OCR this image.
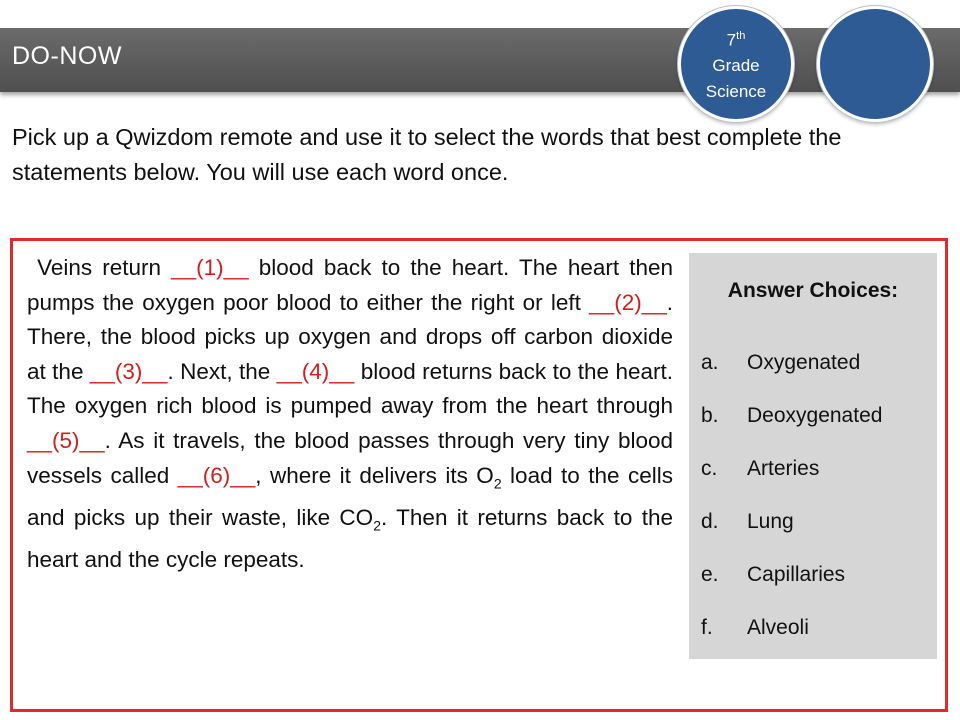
DO-NOW
7th
Grade
Science
Pick up a Qwizdom remote and use it to select the words that best complete the statements below. You will use each word once.
Veins return __(1)__ blood back to the heart. The heart then pumps the oxygen poor blood to either the right or left __(2)__. There, the blood picks up oxygen and drops off carbon dioxide at the __(3)__. Next, the __(4)__ blood returns back to the heart. The oxygen rich blood is pumped away from the heart through __(5)__. As it travels, the blood passes through very tiny blood vessels called __(6)__, where it delivers its $O_2$ load to the cells and picks up their waste, like $CO_2$. Then it returns back to the heart and the cycle repeats.
Answer Choices:
a.	Oxygenated
b.	Deoxygenated
c.	Arteries
d.	Lung
e.	Capillaries
f.	Alveoli
